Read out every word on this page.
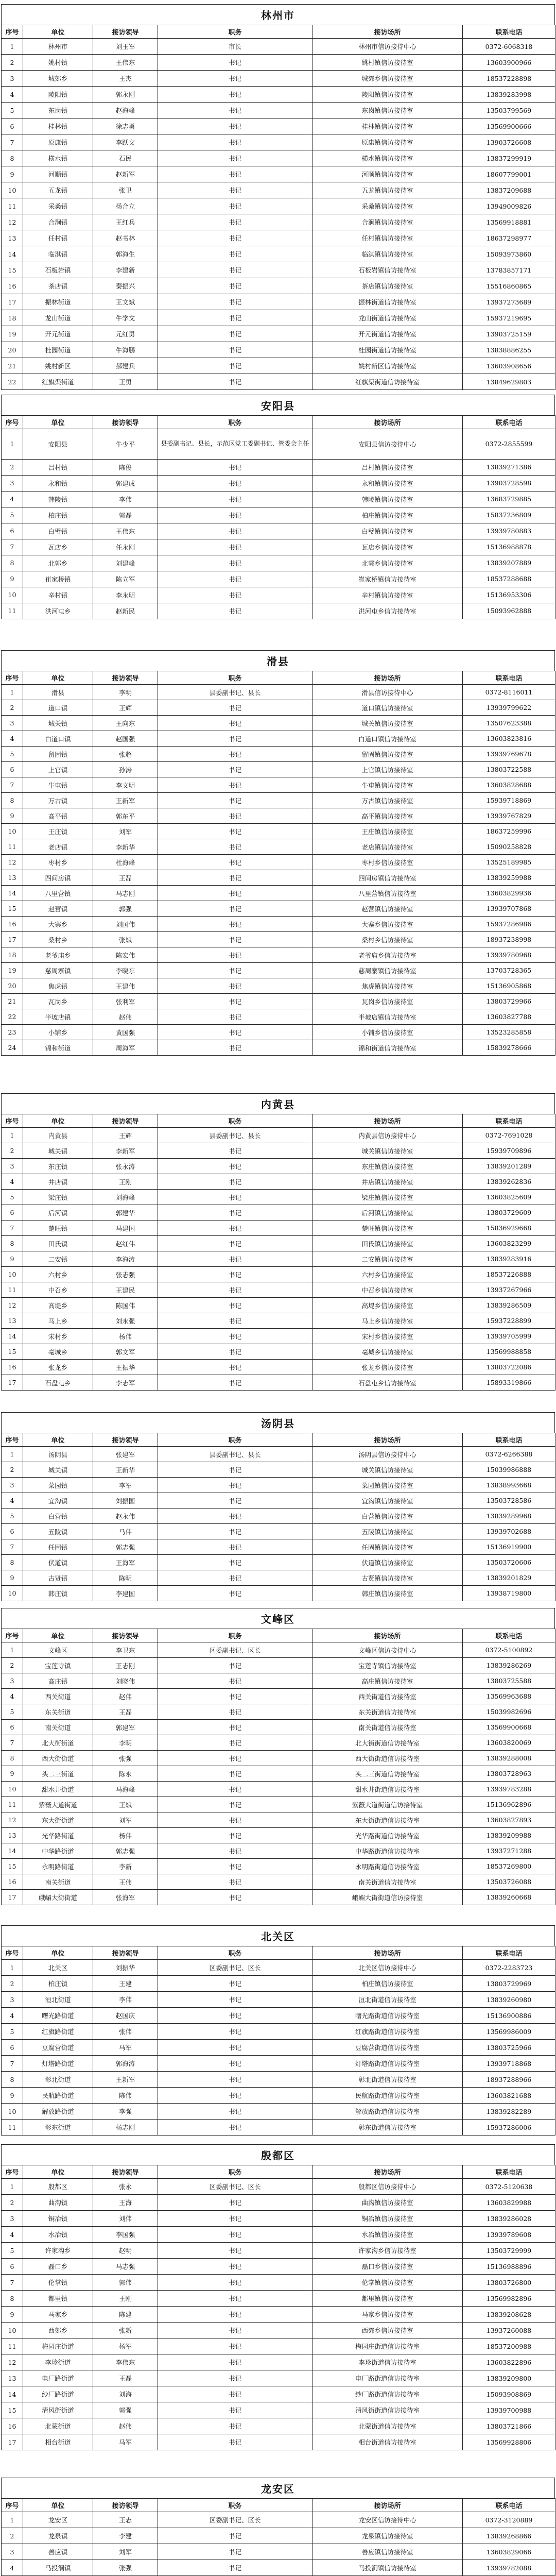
林州市
序号	单位	接访领导	职务	接访场所	联系电话
1	林州市	刘玉军	市长	林州市信访接待中心	0372-6068318
2	姚村镇	王伟东	书记	姚村镇信访接待室	13603900966
3	城郊乡	王杰	书记	城郊乡信访接待室	18537228898
4	陵阳镇	郭永刚	书记	陵阳镇信访接待室	13839283998
5	东岗镇	赵海峰	书记	东岗镇信访接待室	13503799569
6	桂林镇	徐志勇	书记	桂林镇信访接待室	13569900666
7	原康镇	李跃文	书记	原康镇信访接待室	13903726608
8	横水镇	石民	书记	横水镇信访接待室	13837299919
9	河顺镇	赵新军	书记	河顺镇信访接待室	18607799001
10	五龙镇	张卫	书记	五龙镇信访接待室	13837209688
11	采桑镇	杨合立	书记	采桑镇信访接待室	13949009826
12	合涧镇	王红兵	书记	合涧镇信访接待室	13569918881
13	任村镇	赵书林	书记	任村镇信访接待室	18637298977
14	临淇镇	郭海生	书记	临淇镇信访接待室	15093973860
15	石板岩镇	李建新	书记	石板岩镇信访接待室	13783857171
16	茶店镇	秦振兴	书记	茶店镇信访接待室	15516860865
17	振林街道	王文斌	书记	振林街道信访接待室	13937273689
18	龙山街道	牛学文	书记	龙山街道信访接待室	15937219695
19	开元街道	元红勇	书记	开元街道信访接待室	13903725159
20	桂园街道	牛海鹏	书记	桂园街道信访接待室	13838886255
21	姚村新区	郝建兵	书记	姚村新区信访接待室	13603908656
22	红旗渠街道	王勇	书记	红旗渠街道信访接待室	13849629803
安阳县
序号	单位	接访领导	职务	接访场所	联系电话
1	安阳县	牛少平	县委副书记、县长，示范区党工委副书记、管委会主任	安阳县信访接待中心	0372-2855599
2	吕村镇	陈俊	书记	吕村镇信访接待室	13839271386
3	永和镇	郭建成	书记	永和镇信访接待室	13903728598
4	韩陵镇	李伟	书记	韩陵镇信访接待室	13683729885
5	柏庄镇	郭磊	书记	柏庄镇信访接待室	15837236809
6	白璧镇	王伟东	书记	白璧镇信访接待室	13939780883
7	瓦店乡	任永刚	书记	瓦店乡信访接待室	15136988878
8	北郭乡	刘建峰	书记	北郭乡信访接待室	13839207889
9	崔家桥镇	陈立军	书记	崔家桥镇信访接待室	18537288688
10	辛村镇	李永明	书记	辛村镇信访接待室	15136953306
11	洪河屯乡	赵新民	书记	洪河屯乡信访接待室	15093962888
滑县
序号	单位	接访领导	职务	接访场所	联系电话
1	滑县	李明	县委副书记、县长	滑县信访接待中心	0372-8116011
2	道口镇	王辉	书记	道口镇信访接待室	13939799622
3	城关镇	王向东	书记	城关镇信访接待室	13507623388
4	白道口镇	赵国强	书记	白道口镇信访接待室	13603823816
5	留固镇	张超	书记	留固镇信访接待室	13939769678
6	上官镇	孙涛	书记	上官镇信访接待室	13803722588
7	牛屯镇	李文明	书记	牛屯镇信访接待室	13603828688
8	万古镇	王新军	书记	万古镇信访接待室	15939718869
9	高平镇	郭东平	书记	高平镇信访接待室	13939767829
10	王庄镇	刘军	书记	王庄镇信访接待室	18637259996
11	老店镇	李新华	书记	老店镇信访接待室	15090258828
12	枣村乡	杜海峰	书记	枣村乡信访接待室	13525189985
13	四间房镇	王磊	书记	四间房镇信访接待室	13839259988
14	八里营镇	马志刚	书记	八里营镇信访接待室	13603829936
15	赵营镇	郭强	书记	赵营镇信访接待室	13939707868
16	大寨乡	刘国伟	书记	大寨乡信访接待室	15937286986
17	桑村乡	张斌	书记	桑村乡信访接待室	18937238998
18	老爷庙乡	陈宏伟	书记	老爷庙乡信访接待室	13939780968
19	慈周寨镇	李晓东	书记	慈周寨镇信访接待室	13703728365
20	焦虎镇	王建伟	书记	焦虎镇信访接待室	15136905868
21	瓦岗乡	张利军	书记	瓦岗乡信访接待室	13803729966
22	半坡店镇	赵伟	书记	半坡店镇信访接待室	13603827788
23	小铺乡	黄国强	书记	小铺乡信访接待室	13523285858
24	锦和街道	周海军	书记	锦和街道信访接待室	15839278666
内黄县
序号	单位	接访领导	职务	接访场所	联系电话
1	内黄县	王辉	县委副书记、县长	内黄县信访接待中心	0372-7691028
2	城关镇	李新军	书记	城关镇信访接待室	15939709896
3	东庄镇	张永涛	书记	东庄镇信访接待室	13839201289
4	井店镇	王刚	书记	井店镇信访接待室	13839262836
5	梁庄镇	刘海峰	书记	梁庄镇信访接待室	13603825609
6	后河镇	郭建华	书记	后河镇信访接待室	13803729609
7	楚旺镇	马建国	书记	楚旺镇信访接待室	15836929668
8	田氏镇	赵红伟	书记	田氏镇信访接待室	13603823299
9	二安镇	李海涛	书记	二安镇信访接待室	13839283916
10	六村乡	张志强	书记	六村乡信访接待室	18537226888
11	中召乡	王建民	书记	中召乡信访接待室	13937267966
12	高堤乡	陈国伟	书记	高堤乡信访接待室	13839286509
13	马上乡	刘永强	书记	马上乡信访接待室	15937228899
14	宋村乡	杨伟	书记	宋村乡信访接待室	13939705999
15	亳城乡	郭文军	书记	亳城乡信访接待室	13569988858
16	张龙乡	王振华	书记	张龙乡信访接待室	13803722086
17	石盘屯乡	李志军	书记	石盘屯乡信访接待室	15893319866
汤阴县
序号	单位	接访领导	职务	接访场所	联系电话
1	汤阴县	张建军	县委副书记、县长	汤阴县信访接待中心	0372-6266388
2	城关镇	王新华	书记	城关镇信访接待室	15039986888
3	菜园镇	李军	书记	菜园镇信访接待室	13838993668
4	宜沟镇	刘振国	书记	宜沟镇信访接待室	13503728586
5	白营镇	赵永伟	书记	白营镇信访接待室	13839289968
6	五陵镇	马伟	书记	五陵镇信访接待室	13939702688
7	任固镇	郭志强	书记	任固镇信访接待室	15136919900
8	伏道镇	王海军	书记	伏道镇信访接待室	13503720606
9	古贤镇	陈明	书记	古贤镇信访接待室	13839201829
10	韩庄镇	李建国	书记	韩庄镇信访接待室	13938719800
文峰区
序号	单位	接访领导	职务	接访场所	联系电话
1	文峰区	李卫东	区委副书记、区长	文峰区信访接待中心	0372-5100892
2	宝莲寺镇	王志刚	书记	宝莲寺镇信访接待室	13839286269
3	高庄镇	刘晓伟	书记	高庄镇信访接待室	13803725588
4	西关街道	赵伟	书记	西关街道信访接待室	13569963688
5	东关街道	王磊	书记	东关街道信访接待室	15039982696
6	南关街道	郭建军	书记	南关街道信访接待室	13569900668
7	北大街街道	李明	书记	北大街街道信访接待室	13603820069
8	西大街街道	张强	书记	西大街街道信访接待室	13839288008
9	头二三街道	陈永	书记	头二三街道信访接待室	13803728963
10	甜水井街道	马海峰	书记	甜水井街道信访接待室	13939783288
11	紫薇大道街道	王斌	书记	紫薇大道街道信访接待室	15136962896
12	东大街街道	刘军	书记	东大街街道信访接待室	13603827893
13	光华路街道	杨伟	书记	光华路街道信访接待室	13839209988
14	中华路街道	郭志强	书记	中华路街道信访接待室	13937271288
15	永明路街道	李新	书记	永明路街道信访接待室	18537269800
16	南关街道	王伟	书记	南关街道信访接待室	13503726088
17	峨嵋大街街道	张海军	书记	峨嵋大街街道信访接待室	13839260668
北关区
序号	单位	接访领导	职务	接访场所	联系电话
1	北关区	刘振华	区委副书记、区长	北关区信访接待中心	0372-2283723
2	柏庄镇	王建	书记	柏庄镇信访接待室	13803729969
3	洹北街道	李伟	书记	洹北街道信访接待室	13839260980
4	曙光路街道	赵国庆	书记	曙光路街道信访接待室	15136900886
5	红旗路街道	张伟	书记	红旗路街道信访接待室	13569986009
6	豆腐营街道	马军	书记	豆腐营街道信访接待室	13803725966
7	灯塔路街道	郭海涛	书记	灯塔路街道信访接待室	13939718868
8	彰北街道	王新军	书记	彰北街道信访接待室	18937288966
9	民航路街道	陈伟	书记	民航路街道信访接待室	13603821688
10	解放路街道	李强	书记	解放路街道信访接待室	13839282289
11	彰东街道	杨志刚	书记	彰东街道信访接待室	15937286006
殷都区
序号	单位	接访领导	职务	接访场所	联系电话
1	殷都区	张永	区委副书记、区长	殷都区信访接待中心	0372-5120638
2	曲沟镇	王海	书记	曲沟镇信访接待室	13603829988
3	铜冶镇	刘伟	书记	铜冶镇信访接待室	13839286028
4	水冶镇	李国强	书记	水冶镇信访接待室	13939789608
5	许家沟乡	赵明	书记	许家沟乡信访接待室	13503729999
6	磊口乡	马志强	书记	磊口乡信访接待室	15136988896
7	伦掌镇	郭伟	书记	伦掌镇信访接待室	13803726800
8	都里镇	王刚	书记	都里镇信访接待室	13569982896
9	马家乡	陈建	书记	马家乡信访接待室	13839208628
10	西郊乡	张新	书记	西郊乡信访接待室	13937260088
11	梅园庄街道	杨军	书记	梅园庄街道信访接待室	18537200988
12	李珍街道	李伟东	书记	李珍街道信访接待室	13603822896
13	电厂路街道	王磊	书记	电厂路街道信访接待室	13839209800
14	纱厂路街道	刘海	书记	纱厂路街道信访接待室	15093908869
15	清风街街道	郭强	书记	清风街街道信访接待室	13939700988
16	北蒙街道	赵伟	书记	北蒙街道信访接待室	13803721866
17	相台街道	马军	书记	相台街道信访接待室	13569928806
龙安区
序号	单位	接访领导	职务	接访场所	联系电话
1	龙安区	王志	区委副书记、区长	龙安区信访接待中心	0372-3120889
2	龙泉镇	李建	书记	龙泉镇信访接待室	13839268866
3	善应镇	刘军	书记	善应镇信访接待室	13603829066
4	马投涧镇	张强	书记	马投涧镇信访接待室	13939782088
